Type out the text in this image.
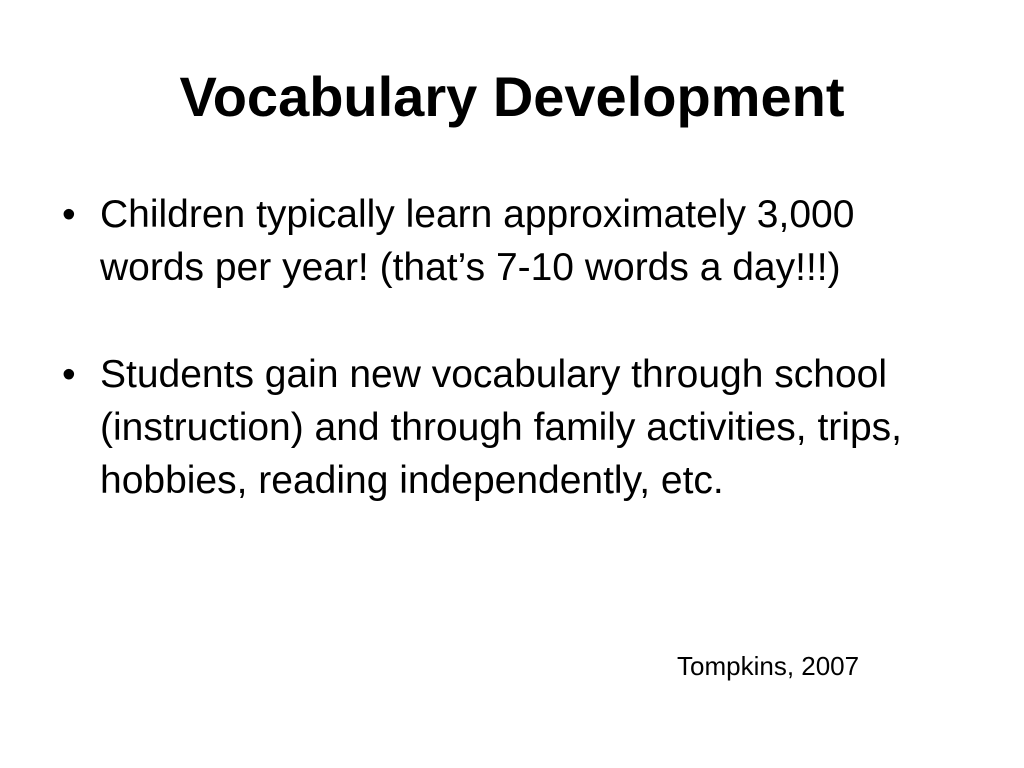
Vocabulary Development
• Children typically learn approximately 3,000 words per year! (that’s 7-10 words a day!!!)
• Students gain new vocabulary through school (instruction) and through family activities, trips, hobbies, reading independently, etc.
Tompkins, 2007
